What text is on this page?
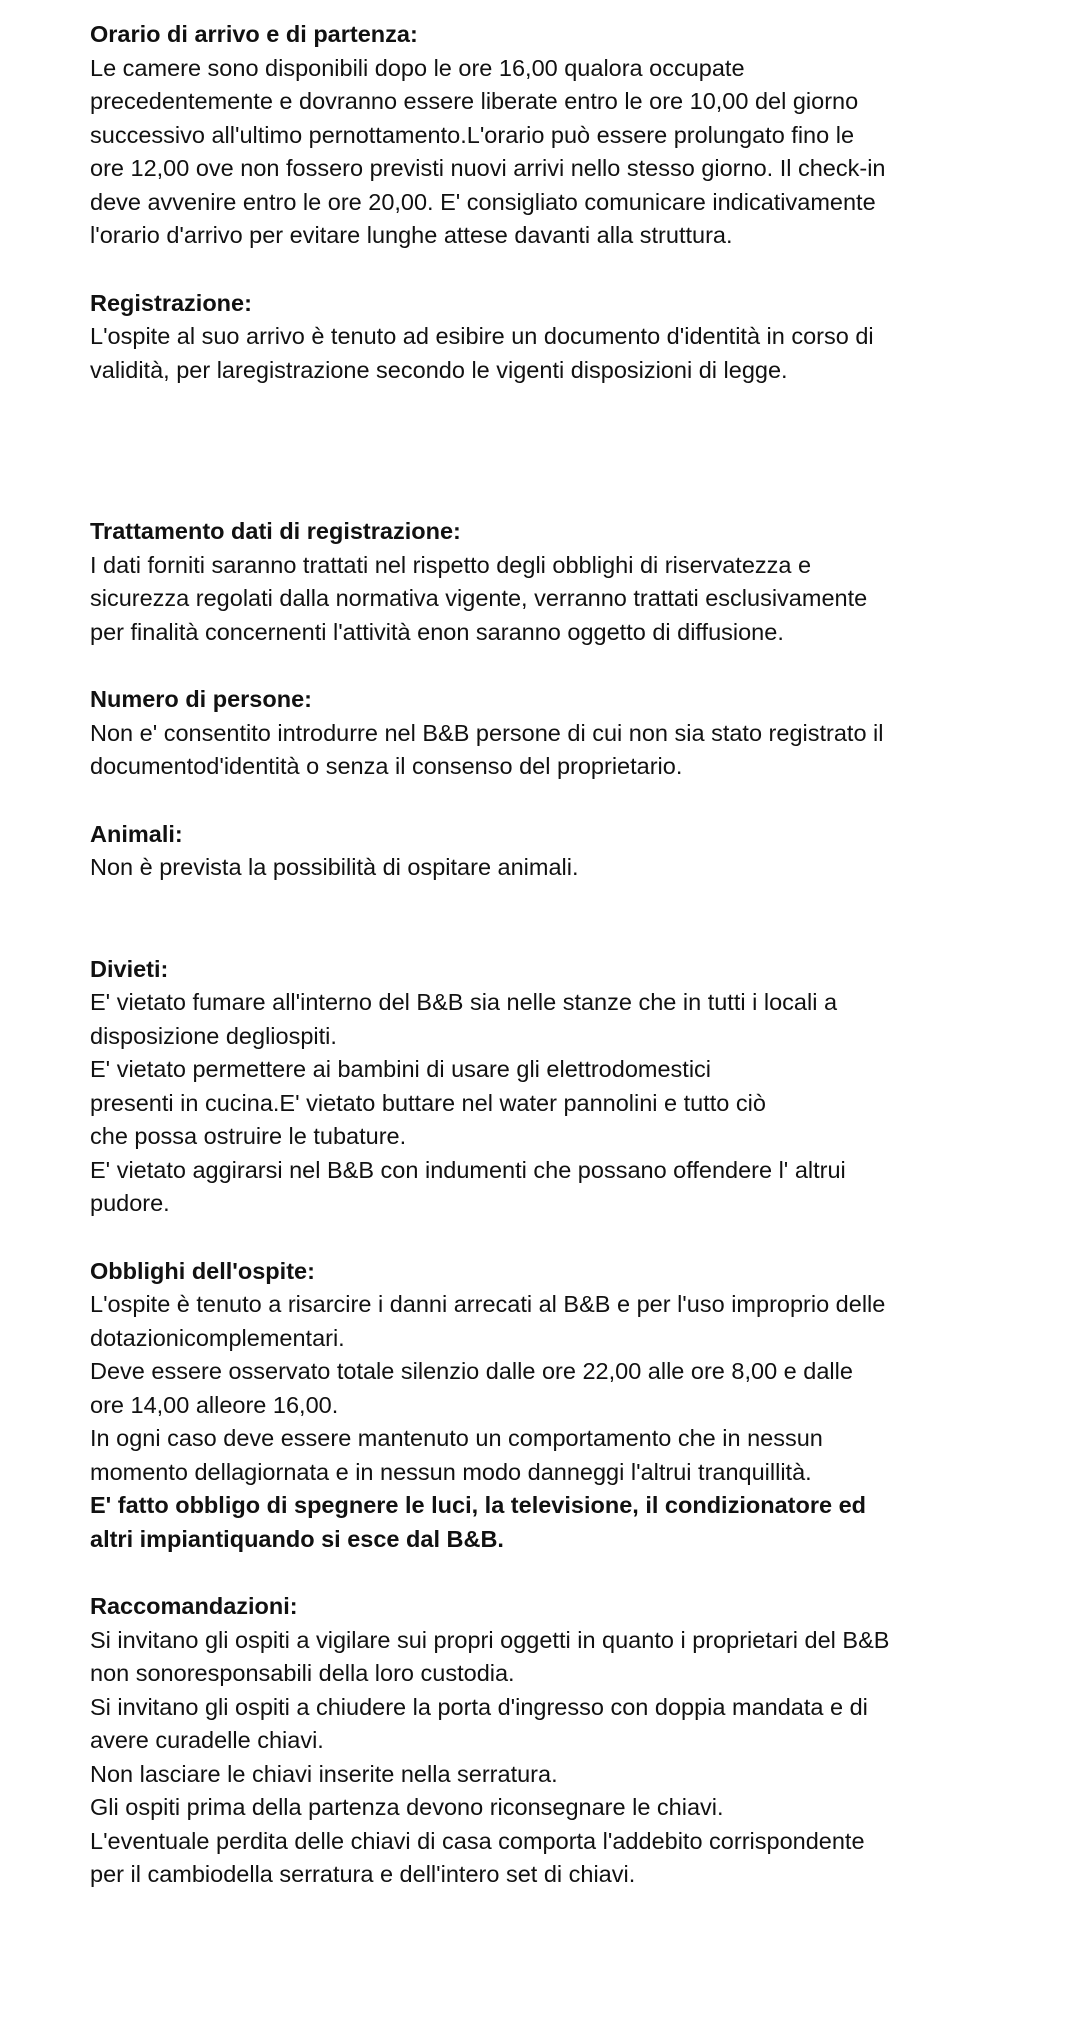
Orario di arrivo e di partenza:

Le camere sono disponibili dopo le ore 16,00 qualora occupate
precedentemente e dovranno essere liberate entro le ore 10,00 del giorno
successivo all'ultimo pernottamento.L'orario può essere prolungato fino le
ore 12,00 ove non fossero previsti nuovi arrivi nello stesso giorno. Il check-in
deve avvenire entro le ore 20,00. E' consigliato comunicare indicativamente
l'orario d'arrivo per evitare lunghe attese davanti alla struttura.

Registrazione:

L'ospite al suo arrivo è tenuto ad esibire un documento d'identità in corso di
validità, per laregistrazione secondo le vigenti disposizioni di legge.

Trattamento dati di registrazione:

I dati forniti saranno trattati nel rispetto degli obblighi di riservatezza e
sicurezza regolati dalla normativa vigente, verranno trattati esclusivamente
per finalità concernenti l'attività enon saranno oggetto di diffusione.

Numero di persone:

Non e' consentito introdurre nel B&B persone di cui non sia stato registrato il
documentod'identità o senza il consenso del proprietario.

Animali:

Non è prevista la possibilità di ospitare animali.

Divieti:

E' vietato fumare all'interno del B&B sia nelle stanze che in tutti i locali a
disposizione degliospiti.

E' vietato permettere ai bambini di usare gli elettrodomestici
presenti in cucina.E' vietato buttare nel water pannolini e tutto ciò
che possa ostruire le tubature.

E' vietato aggirarsi nel B&B con indumenti che possano offendere l' altrui
pudore.

Obblighi dell'ospite:

L'ospite è tenuto a risarcire i danni arrecati al B&B e per l'uso improprio delle
dotazionicomplementari.

Deve essere osservato totale silenzio dalle ore 22,00 alle ore 8,00 e dalle
ore 14,00 alleore 16,00.

In ogni caso deve essere mantenuto un comportamento che in nessun
momento dellagiornata e in nessun modo danneggi l'altrui tranquillità.

E' fatto obbligo di spegnere le luci, la televisione, il condizionatore ed
altri impiantiquando si esce dal B&B.

Raccomandazioni:

Si invitano gli ospiti a vigilare sui propri oggetti in quanto i proprietari del B&B
non sonoresponsabili della loro custodia.

Si invitano gli ospiti a chiudere la porta d'ingresso con doppia mandata e di
avere curadelle chiavi.

Non lasciare le chiavi inserite nella serratura.

Gli ospiti prima della partenza devono riconsegnare le chiavi.

L'eventuale perdita delle chiavi di casa comporta l'addebito corrispondente
per il cambiodella serratura e dell'intero set di chiavi.
